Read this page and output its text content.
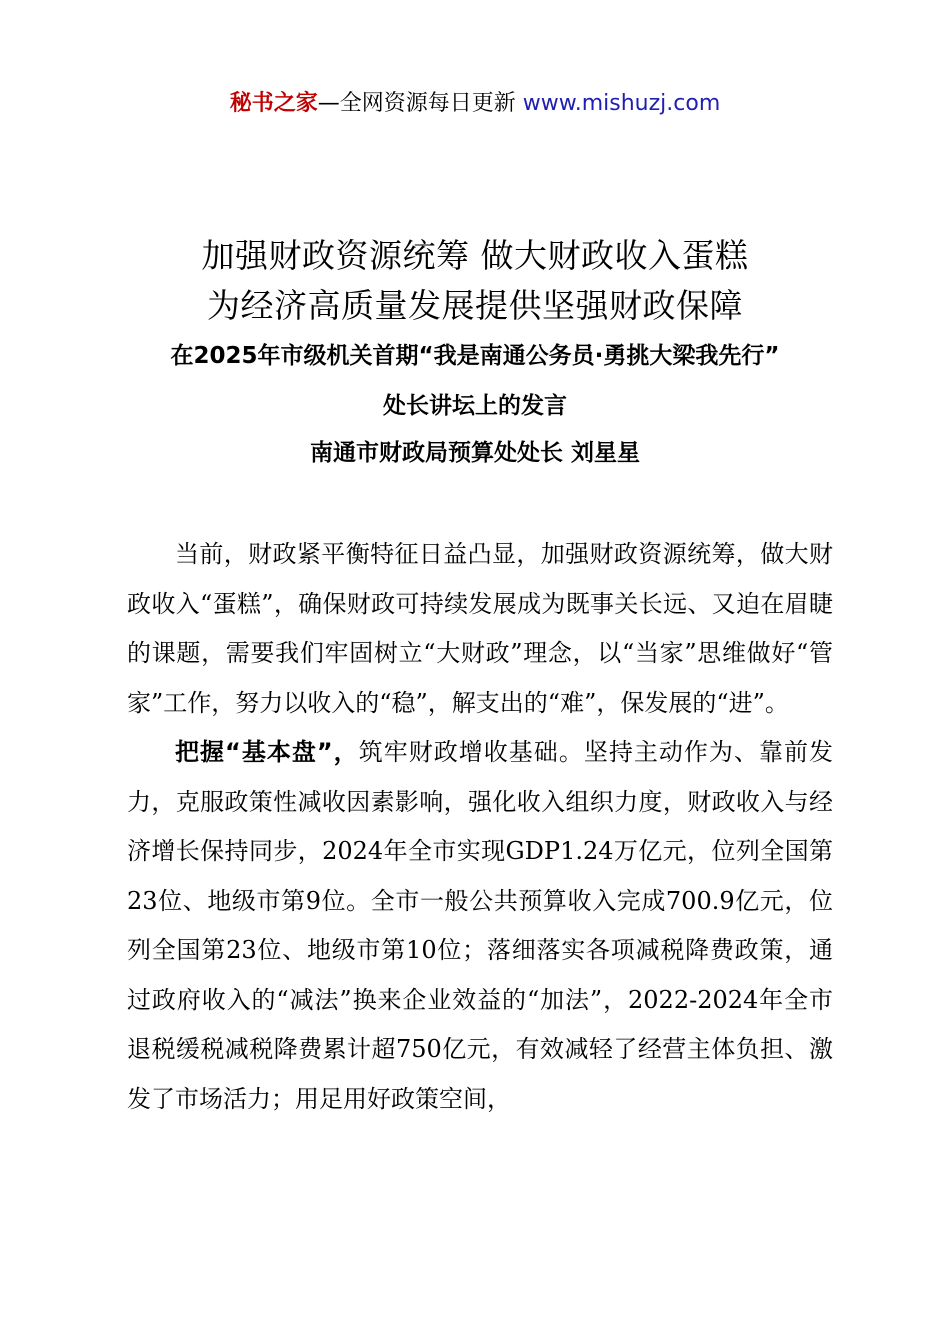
秘书之家—全网资源每日更新 www.mishuzj.com
加强财政资源统筹 做大财政收入蛋糕
为经济高质量发展提供坚强财政保障
在2025年市级机关首期“我是南通公务员·勇挑大梁我先行”
处长讲坛上的发言
南通市财政局预算处处长 刘星星

当前，财政紧平衡特征日益凸显，加强财政资源统筹，做大财政收入“蛋糕”，确保财政可持续发展成为既事关长远、又迫在眉睫的课题，需要我们牢固树立“大财政”理念，以“当家”思维做好“管家”工作，努力以收入的“稳”，解支出的“难”，保发展的“进”。

把握“基本盘”，筑牢财政增收基础。坚持主动作为、靠前发力，克服政策性减收因素影响，强化收入组织力度，财政收入与经济增长保持同步，2024年全市实现GDP1.24万亿元，位列全国第23位、地级市第9位。全市一般公共预算收入完成700.9亿元，位列全国第23位、地级市第10位；落细落实各项减税降费政策，通过政府收入的“减法”换来企业效益的“加法”，2022-2024年全市退税缓税减税降费累计超750亿元，有效减轻了经营主体负担、激发了市场活力；用足用好政策空间，
